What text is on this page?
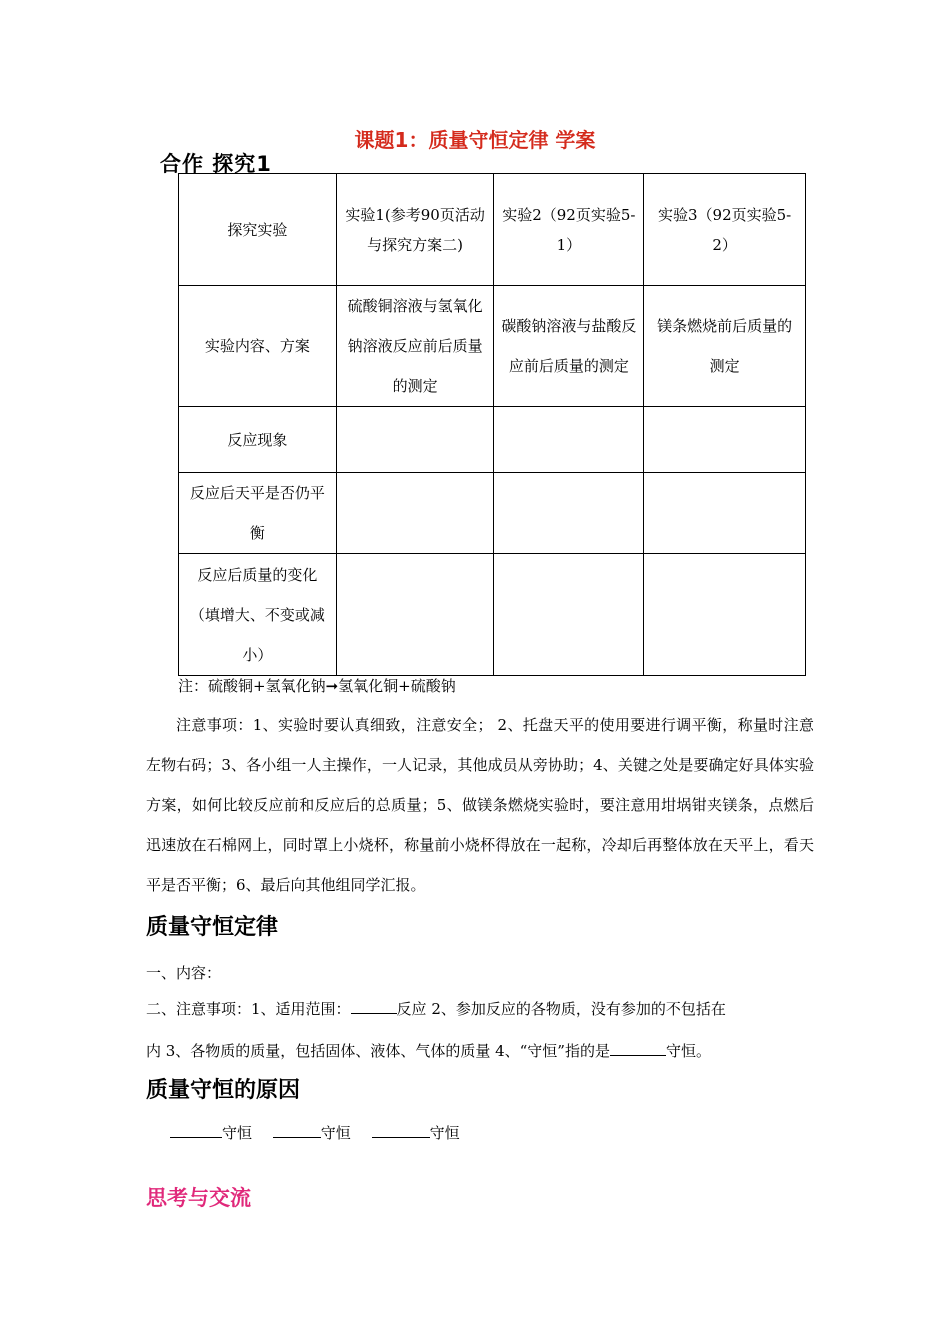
课题1：质量守恒定律 学案
合作 探究1
探究实验	实验1(参考90页活动与探究方案二)	实验2（92页实验5-1）	实验3（92页实验5-2）
实验内容、方案	硫酸铜溶液与氢氧化钠溶液反应前后质量的测定	碳酸钠溶液与盐酸反应前后质量的测定	镁条燃烧前后质量的测定
反应现象			
反应后天平是否仍平衡			
反应后质量的变化（填增大、不变或减小）			
注：硫酸铜+氢氧化钠➞氢氧化铜+硫酸钠
注意事项：1、实验时要认真细致，注意安全； 2、托盘天平的使用要进行调平衡，称量时注意左物右码；3、各小组一人主操作，一人记录，其他成员从旁协助；4、关键之处是要确定好具体实验方案，如何比较反应前和反应后的总质量；5、做镁条燃烧实验时，要注意用坩埚钳夹镁条，点燃后迅速放在石棉网上，同时罩上小烧杯，称量前小烧杯得放在一起称，冷却后再整体放在天平上，看天平是否平衡；6、最后向其他组同学汇报。
质量守恒定律
一、内容：
二、注意事项：1、适用范围：	反应 2、参加反应的各物质，没有参加的不包括在
内 3、各物质的质量，包括固体、液体、气体的质量 4、“守恒”指的是	守恒。
质量守恒的原因
守恒	守恒	守恒
思考与交流
